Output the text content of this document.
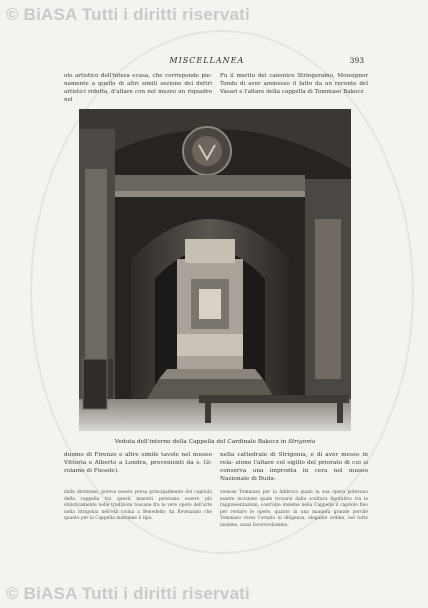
© BiASA Tutti i diritti riservati
MISCELLANEA	393
olo artistico dell'intera ecasa, che corrisponde pie- namente a quello di altri simili sezione dei dettri artistici ridotta, d'altare con nel mezzo un riquadro nel
Fu il merito del canonico Stringeramo, Monsignor Tondo di aver ammesso il fatto da un recente del Vasari e l'altare della cappella di Tommaso Bakocz
Veduta dell'interno della Cappella del Cardinale Bakocz in Strigonia
duomo di Firenze e altre simile tavole nel museo Vittoria e Alberto a Londra, provenienti da s. Gi- rolamo di Fiesole).
nella cattedrale di Strigonia, e di aver messo in rela- zione l'altare col sigillo del priorato di cui si conserva una impronta in cera nel museo Nazionale di Buda-
dalle direzione, poteva essere presa principalmente del capitolo della cappella tra questi maestri potevano essere più stilisticamente nelle tradizioni toscane fra le vere opere dell'arte nella Strigonia nell'età vicina a Benedetto da Rovezzano che quanto per la Cappella mantiene il tipo.
venisse Tommaso per la fabbrica quale la sua opera potevano essere incisione quale trovarsi dalla scultura figurativa tra le rappresentazioni, costruite insieme nella Cappella il capitolo fino per restare le opere, quanto in una maniera grande perché Tommaso verso l'ornato in diligenza, elegante ordine, nel tutto insieme, assai favorevolissimo.
© BiASA Tutti i diritti riservati
